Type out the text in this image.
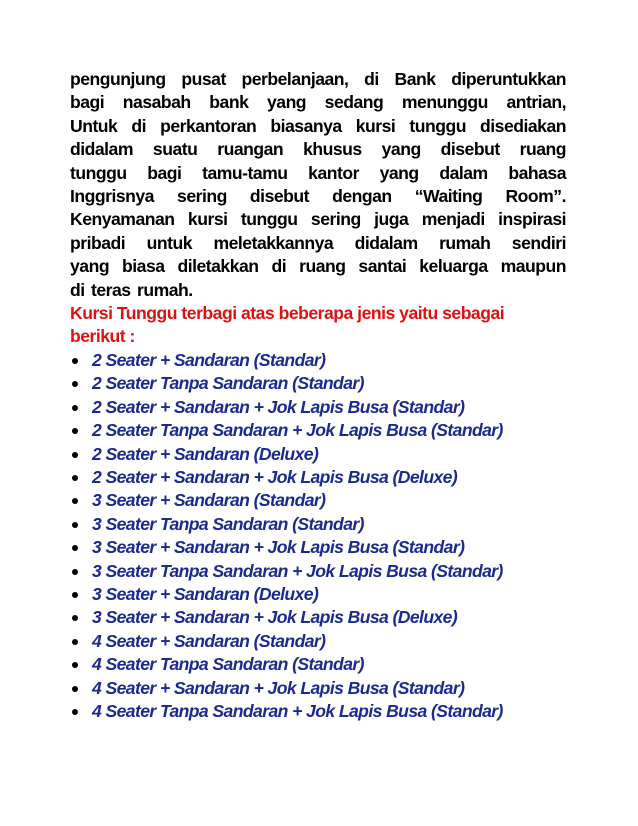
pengunjung pusat perbelanjaan, di Bank diperuntukkan

bagi nasabah bank yang sedang menunggu antrian,

Untuk di perkantoran biasanya kursi tunggu disediakan

didalam suatu ruangan khusus yang disebut ruang

tunggu bagi tamu-tamu kantor yang dalam bahasa

Inggrisnya sering disebut dengan “Waiting Room”.

Kenyamanan kursi tunggu sering juga menjadi inspirasi

pribadi untuk meletakkannya didalam rumah sendiri

yang biasa diletakkan di ruang santai keluarga maupun

di teras rumah.

Kursi Tunggu terbagi atas beberapa jenis yaitu sebagai
berikut :
2 Seater + Sandaran (Standar)
2 Seater Tanpa Sandaran (Standar)
2 Seater + Sandaran + Jok Lapis Busa (Standar)
2 Seater Tanpa Sandaran + Jok Lapis Busa (Standar)
2 Seater + Sandaran (Deluxe)
2 Seater + Sandaran + Jok Lapis Busa (Deluxe)
3 Seater + Sandaran (Standar)
3 Seater Tanpa Sandaran (Standar)
3 Seater + Sandaran + Jok Lapis Busa (Standar)
3 Seater Tanpa Sandaran + Jok Lapis Busa (Standar)
3 Seater + Sandaran (Deluxe)
3 Seater + Sandaran + Jok Lapis Busa (Deluxe)
4 Seater + Sandaran (Standar)
4 Seater Tanpa Sandaran (Standar)
4 Seater + Sandaran + Jok Lapis Busa (Standar)
4 Seater Tanpa Sandaran + Jok Lapis Busa (Standar)
